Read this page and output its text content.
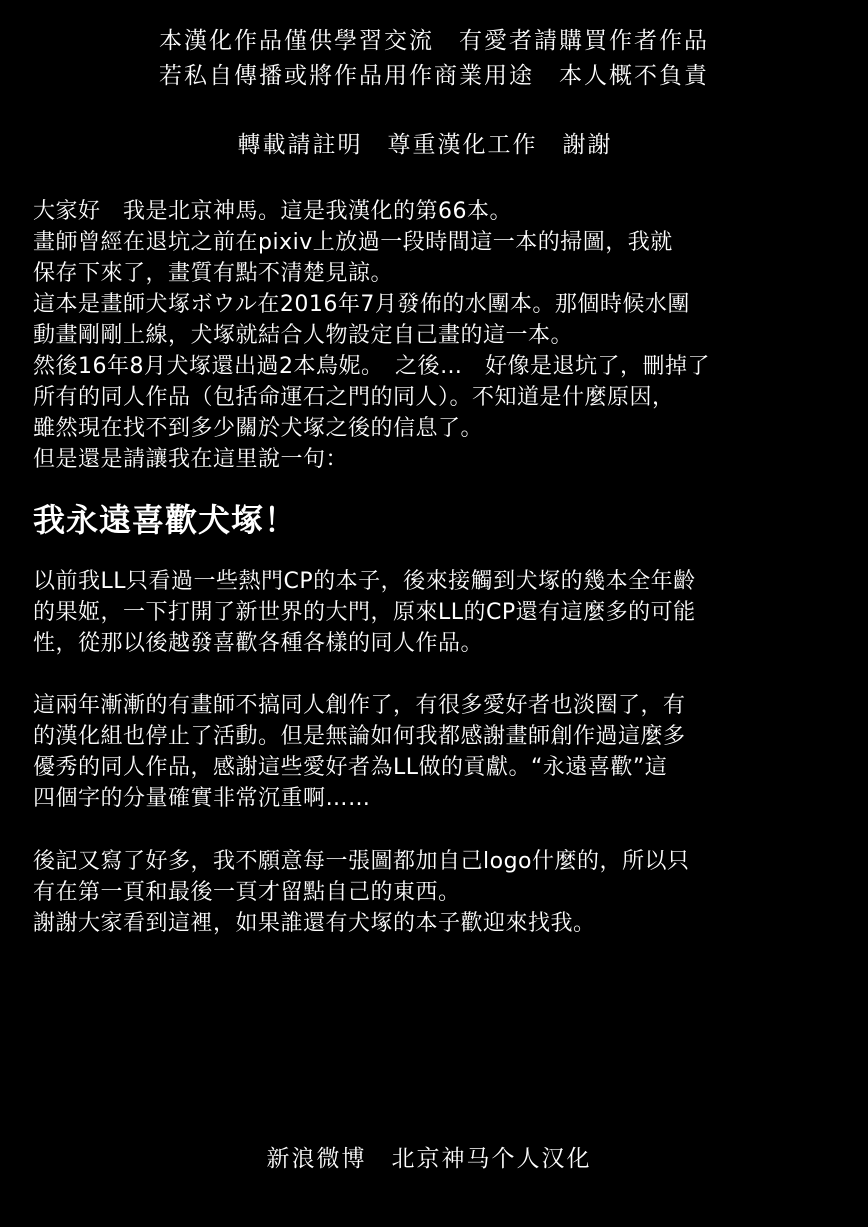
本漢化作品僅供學習交流　有愛者請購買作者作品
若私自傳播或將作品用作商業用途　本人概不負責
轉載請註明　尊重漢化工作　謝謝
大家好　我是北京神馬。這是我漢化的第66本。
畫師曾經在退坑之前在pixiv上放過一段時間這一本的掃圖，我就
保存下來了，畫質有點不清楚見諒。
這本是畫師犬塚ボウル在2016年7月發佈的水團本。那個時候水團
動畫剛剛上線，犬塚就結合人物設定自己畫的這一本。
然後16年8月犬塚還出過2本鳥妮。　之後…　好像是退坑了，刪掉了
所有的同人作品（包括命運石之門的同人）。不知道是什麼原因，
雖然現在找不到多少關於犬塚之後的信息了。
但是還是請讓我在這里說一句：
我永遠喜歡犬塚！
以前我LL只看過一些熱門CP的本子，後來接觸到犬塚的幾本全年齡
的果姬，一下打開了新世界的大門，原來LL的CP還有這麼多的可能
性，從那以後越發喜歡各種各樣的同人作品。
這兩年漸漸的有畫師不搞同人創作了，有很多愛好者也淡圈了，有
的漢化組也停止了活動。但是無論如何我都感謝畫師創作過這麼多
優秀的同人作品，感謝這些愛好者為LL做的貢獻。“永遠喜歡”這
四個字的分量確實非常沉重啊……
後記又寫了好多，我不願意每一張圖都加自己logo什麼的，所以只
有在第一頁和最後一頁才留點自己的東西。
謝謝大家看到這裡，如果誰還有犬塚的本子歡迎來找我。
新浪微博　北京神马个人汉化
